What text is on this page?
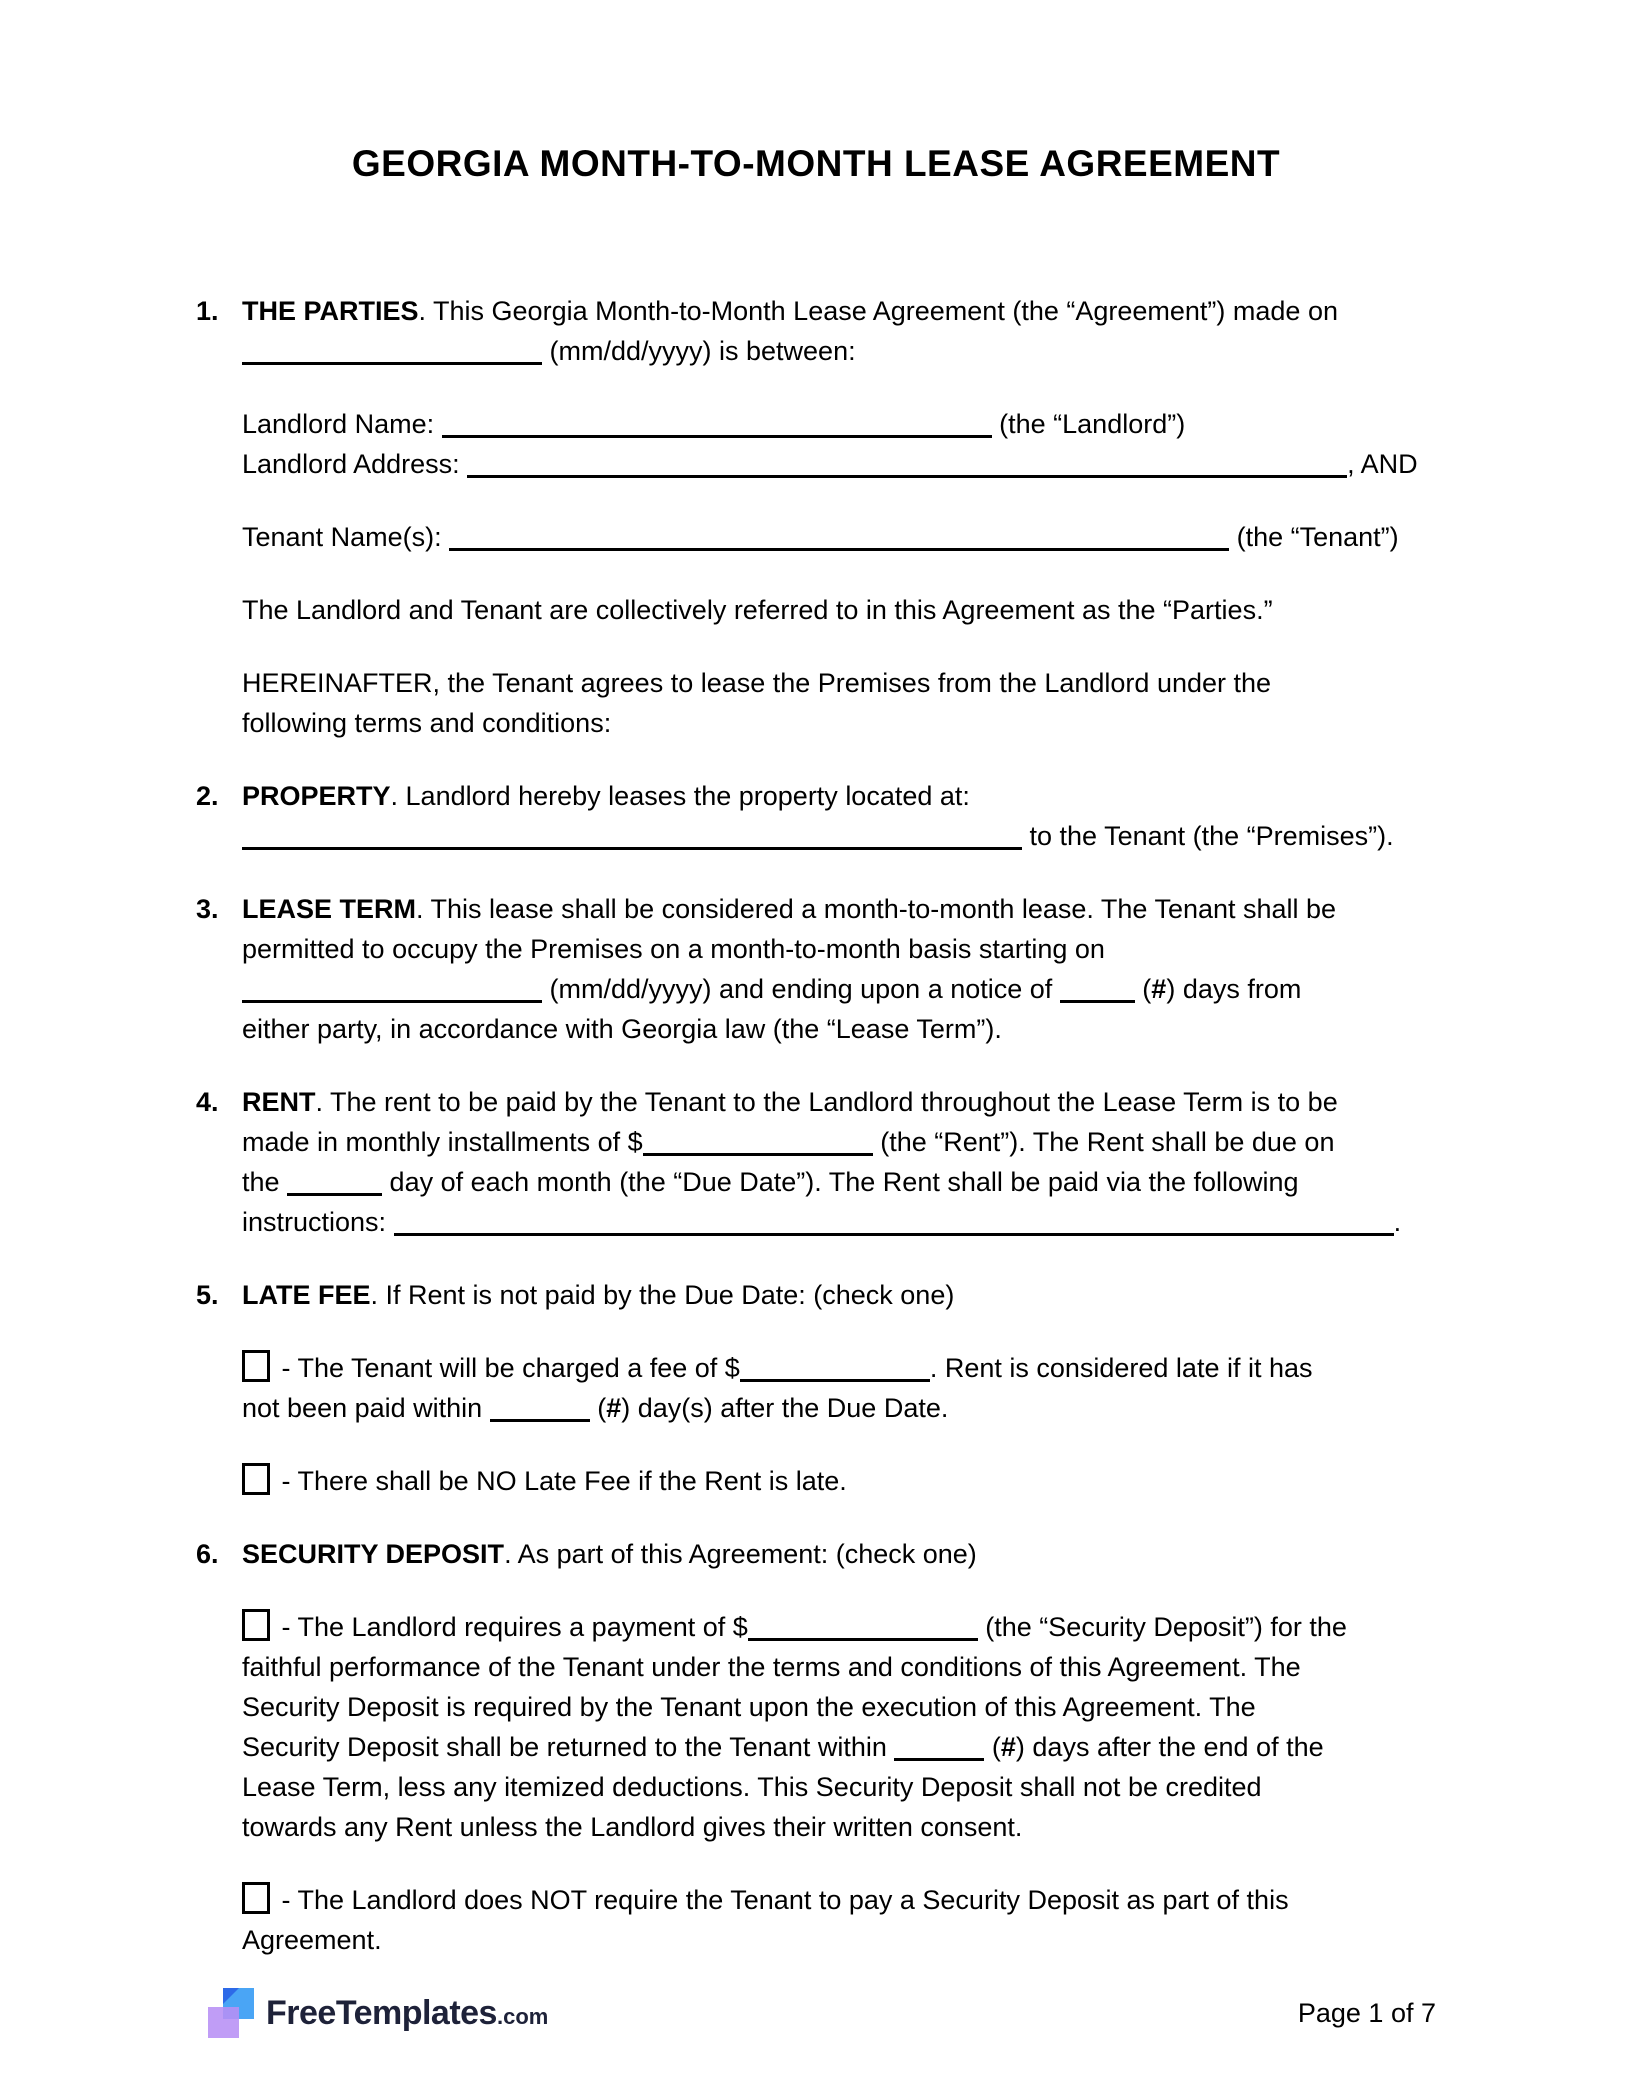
GEORGIA MONTH-TO-MONTH LEASE AGREEMENT
1. THE PARTIES. This Georgia Month-to-Month Lease Agreement (the “Agreement”) made on
(mm/dd/yyyy) is between:
Landlord Name:	(the “Landlord”)
Landlord Address:	, AND
Tenant Name(s):	(the “Tenant”)
The Landlord and Tenant are collectively referred to in this Agreement as the “Parties.”
HEREINAFTER, the Tenant agrees to lease the Premises from the Landlord under the
following terms and conditions:
2. PROPERTY. Landlord hereby leases the property located at:
to the Tenant (the “Premises”).
3. LEASE TERM. This lease shall be considered a month-to-month lease. The Tenant shall be
permitted to occupy the Premises on a month-to-month basis starting on
(mm/dd/yyyy) and ending upon a notice of	(#) days from
either party, in accordance with Georgia law (the “Lease Term”).
4. RENT. The rent to be paid by the Tenant to the Landlord throughout the Lease Term is to be
made in monthly installments of $	(the “Rent”). The Rent shall be due on
the	day of each month (the “Due Date”). The Rent shall be paid via the following
instructions:	.
5. LATE FEE. If Rent is not paid by the Due Date: (check one)
- The Tenant will be charged a fee of $	. Rent is considered late if it has
not been paid within	(#) day(s) after the Due Date.
- There shall be NO Late Fee if the Rent is late.
6. SECURITY DEPOSIT. As part of this Agreement: (check one)
- The Landlord requires a payment of $	(the “Security Deposit”) for the
faithful performance of the Tenant under the terms and conditions of this Agreement. The
Security Deposit is required by the Tenant upon the execution of this Agreement. The
Security Deposit shall be returned to the Tenant within	(#) days after the end of the
Lease Term, less any itemized deductions. This Security Deposit shall not be credited
towards any Rent unless the Landlord gives their written consent.
- The Landlord does NOT require the Tenant to pay a Security Deposit as part of this
Agreement.
FreeTemplates.com	Page 1 of 7
